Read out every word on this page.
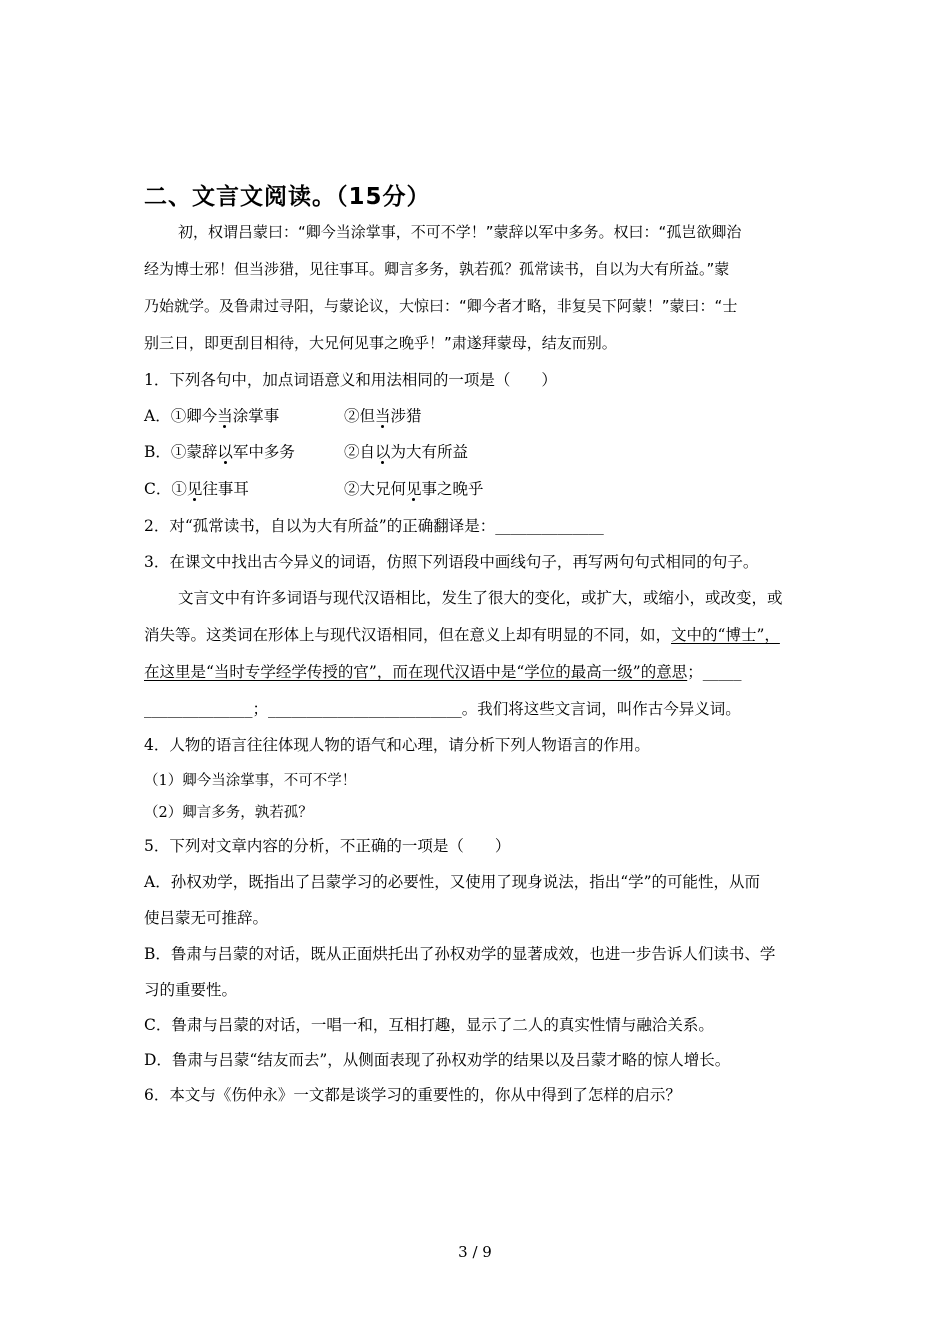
二、文言文阅读。（15分）
初，权谓吕蒙曰：“卿今当涂掌事，不可不学！”蒙辞以军中多务。权曰：“孤岂欲卿治
经为博士邪！但当涉猎，见往事耳。卿言多务，孰若孤？孤常读书，自以为大有所益。”蒙
乃始就学。及鲁肃过寻阳，与蒙论议，大惊曰：“卿今者才略，非复吴下阿蒙！”蒙曰：“士
别三日，即更刮目相待，大兄何见事之晚乎！”肃遂拜蒙母，结友而别。
1．下列各句中，加点词语意义和用法相同的一项是（　　）
A．①卿今当涂掌事	②但当涉猎
B．①蒙辞以军中多务	②自以为大有所益
C．①见往事耳	②大兄何见事之晚乎
2．对“孤常读书，自以为大有所益”的正确翻译是：______________
3．在课文中找出古今异义的词语，仿照下列语段中画线句子，再写两句句式相同的句子。
文言文中有许多词语与现代汉语相比，发生了很大的变化，或扩大，或缩小，或改变，或
消失等。这类词在形体上与现代汉语相同，但在意义上却有明显的不同，如，文中的“博士”，
在这里是“当时专学经学传授的官”，而在现代汉语中是“学位的最高一级”的意思；_____
______________；_________________________。我们将这些文言词，叫作古今异义词。
4．人物的语言往往体现人物的语气和心理，请分析下列人物语言的作用。
（1）卿今当涂掌事，不可不学！
（2）卿言多务，孰若孤？
5．下列对文章内容的分析，不正确的一项是（　　）
A．孙权劝学，既指出了吕蒙学习的必要性，又使用了现身说法，指出“学”的可能性，从而
使吕蒙无可推辞。
B．鲁肃与吕蒙的对话，既从正面烘托出了孙权劝学的显著成效，也进一步告诉人们读书、学
习的重要性。
C．鲁肃与吕蒙的对话，一唱一和，互相打趣，显示了二人的真实性情与融洽关系。
D．鲁肃与吕蒙“结友而去”，从侧面表现了孙权劝学的结果以及吕蒙才略的惊人增长。
6．本文与《伤仲永》一文都是谈学习的重要性的，你从中得到了怎样的启示？
3 / 9
